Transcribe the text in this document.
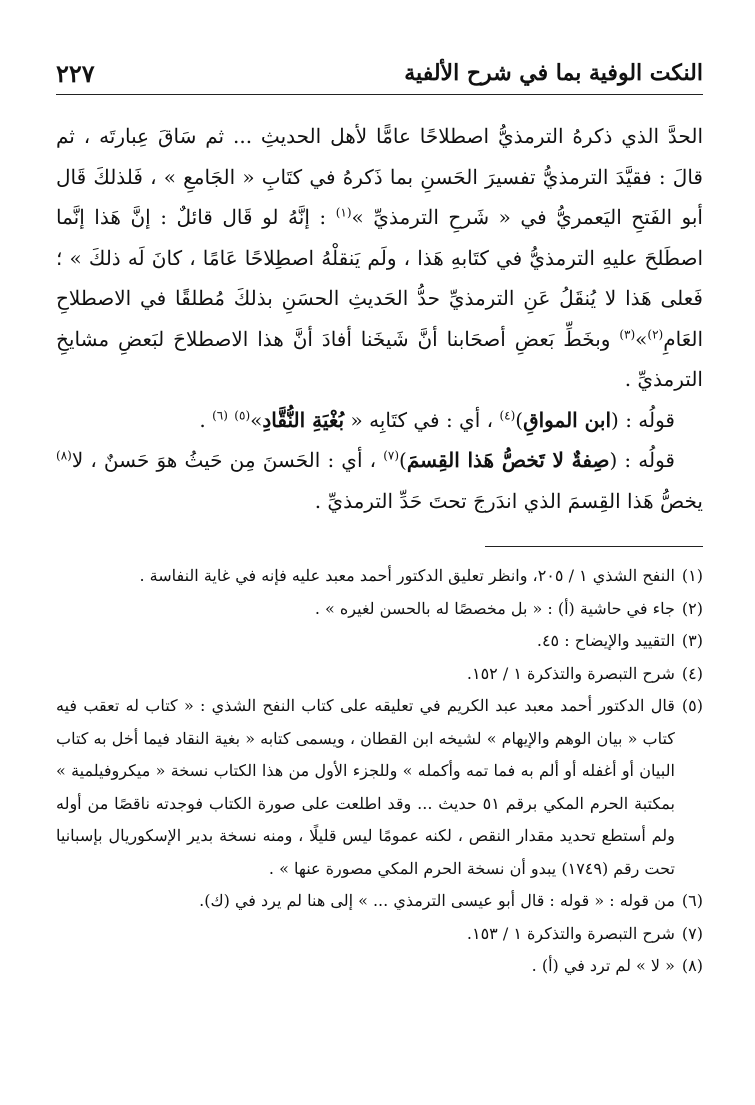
النكت الوفية بما في شرح الألفية
٢٢٧

الحدَّ الذي ذكرهُ الترمذيُّ اصطلاحًا عامًّا لأهل الحديثِ ... ثم سَاقَ عِبارتَه ، ثم قالَ : فقيَّدَ الترمذيُّ تفسيرَ الحَسنِ بما ذَكرهُ في كتَابِ « الجَامعِ » ، فَلذلكَ قَال أبو الفَتحِ اليَعمريُّ في « شَرحِ الترمذيِّ »$^{(١)}$ : إنَّهُ لو قَال قائلٌ : إنَّ هَذا إنَّما اصطَلحَ عليهِ الترمذيُّ في كتَابهِ هَذا ، ولَم يَنقلْهُ اصطِلاحًا عَامًا ، كانَ لَه ذلكَ » ؛ فَعلى هَذا لا يُنقَلُ عَنِ الترمذيِّ حدُّ الحَديثِ الحسَنِ بذلكَ مُطلقًا في الاصطلاحِ العَامِ$^{(٢)}$»$^{(٣)}$ وبخَطِّ بَعضِ أصحَابنا أنَّ شَيخَنا أفادَ أنَّ هذا الاصطلاحَ لبَعضِ مشايخِ الترمذيِّ .

قولُه : (ابن المواقِ)$^{(٤)}$ ، أي : في كتَابِه « بُغْيَةِ النُّقَّادِ»$^{(٥)}$ $^{(٦)}$ .

قولُه : (صِفةٌ لا تَخصُّ هَذا القِسمَ)$^{(٧)}$ ، أي : الحَسنَ مِن حَيثُ هوَ حَسنٌ ، لا$^{(٨)}$ يخصُّ هَذا القِسمَ الذي اندَرجَ تحتَ حَدِّ الترمذيِّ .

(١)
النفح الشذي ١ / ٢٠٥، وانظر تعليق الدكتور أحمد معبد عليه فإنه في غاية النفاسة .
(٢)
جاء في حاشية (أ) : « بل مخصصًا له بالحسن لغيره » .
(٣)
التقييد والإيضاح : ٤٥.
(٤)
شرح التبصرة والتذكرة ١ / ١٥٢.
(٥)
قال الدكتور أحمد معبد عبد الكريم في تعليقه على كتاب النفح الشذي : « كتاب له تعقب فيه كتاب « بيان الوهم والإيهام » لشيخه ابن القطان ، ويسمى كتابه « بغية النقاد فيما أخل به كتاب البيان أو أغفله أو ألم به فما تمه وأكمله » وللجزء الأول من هذا الكتاب نسخة « ميكروفيلمية » بمكتبة الحرم المكي برقم ٥١ حديث ... وقد اطلعت على صورة الكتاب فوجدته ناقصًا من أوله ولم أستطع تحديد مقدار النقص ، لكنه عمومًا ليس قليلًا ، ومنه نسخة بدير الإسكوريال بإسبانيا تحت رقم (١٧٤٩) يبدو أن نسخة الحرم المكي مصورة عنها » .
(٦)
من قوله : « قوله : قال أبو عيسى الترمذي ... » إلى هنا لم يرد في (ك).
(٧)
شرح التبصرة والتذكرة ١ / ١٥٣.
(٨)
« لا » لم ترد في (أ) .
